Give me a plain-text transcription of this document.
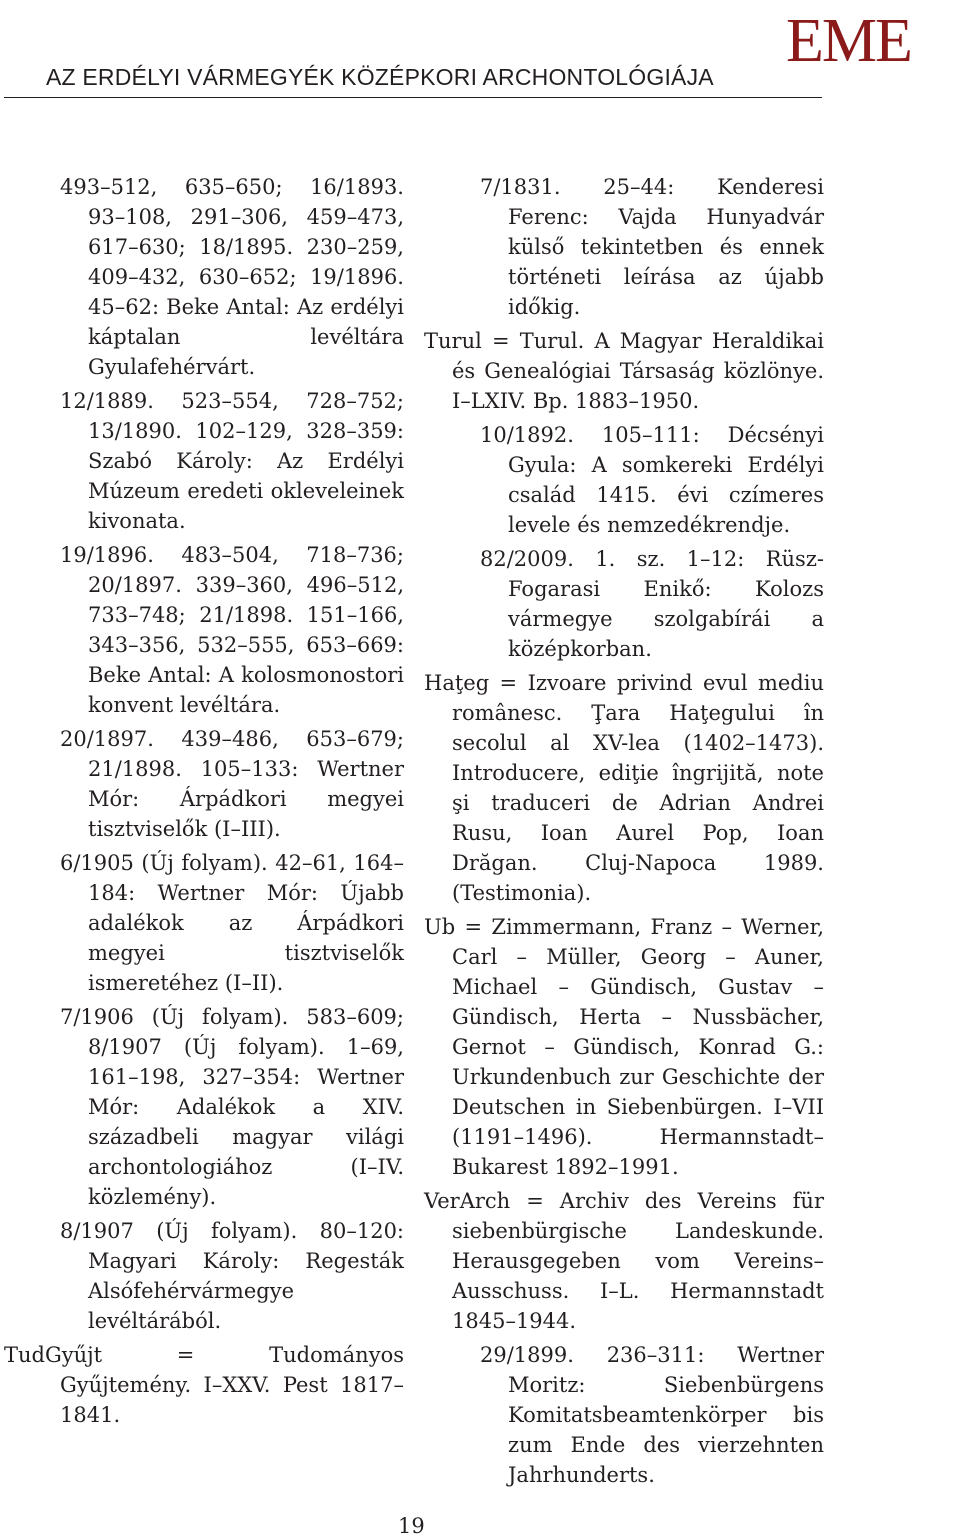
AZ ERDÉLYI VÁRMEGYÉK KÖZÉPKORI ARCHONTOLÓGIÁJA
EME

493–512, 635–650; 16/1893. 93–108, 291–306, 459–473, 617–630; 18/1895. 230–259, 409–432, 630–652; 19/1896. 45–62: Beke Antal: Az erdélyi káptalan levéltára Gyulafehérvárt.

12/1889. 523–554, 728–752; 13/1890. 102–129, 328–359: Szabó Károly: Az Erdélyi Múzeum eredeti okleveleinek kivonata.

19/1896. 483–504, 718–736; 20/1897. 339–360, 496–512, 733–748; 21/1898. 151–166, 343–356, 532–555, 653–669: Beke Antal: A kolosmonostori konvent levéltára.

20/1897. 439–486, 653–679; 21/1898. 105–133: Wertner Mór: Árpádkori megyei tisztviselők (I–III).

6/1905 (Új folyam). 42–61, 164–184: Wertner Mór: Újabb adalékok az Árpádkori megyei tisztviselők ismeretéhez (I–II).

7/1906 (Új folyam). 583–609; 8/1907 (Új folyam). 1–69, 161–198, 327–354: Wertner Mór: Adalékok a XIV. századbeli magyar világi archontologiához (I–IV. közlemény).

8/1907 (Új folyam). 80–120: Magyari Károly: Regesták Alsófehérvármegye levéltárából.

TudGyűjt = Tudományos Gyűjtemény. I–XXV. Pest 1817–1841.

7/1831. 25–44: Kenderesi Ferenc: Vajda Hunyadvár külső tekintetben és ennek történeti leírása az újabb időkig.

Turul = Turul. A Magyar Heraldikai és Genealógiai Társaság közlönye. I–LXIV. Bp. 1883–1950.

10/1892. 105–111: Décsényi Gyula: A somkereki Erdélyi család 1415. évi czímeres levele és nemzedékrendje.

82/2009. 1. sz. 1–12: Rüsz-Fogarasi Enikő: Kolozs vármegye szolgabírái a középkorban.

Haţeg = Izvoare privind evul mediu românesc. Ţara Haţegului în secolul al XV-lea (1402–1473). Introducere, ediţie îngrijită, note şi traduceri de Adrian Andrei Rusu, Ioan Aurel Pop, Ioan Drăgan. Cluj-Napoca 1989. (Testimonia).

Ub = Zimmermann, Franz – Werner, Carl – Müller, Georg – Auner, Michael – Gündisch, Gustav – Gündisch, Herta – Nussbächer, Gernot – Gündisch, Konrad G.: Urkundenbuch zur Geschichte der Deutschen in Siebenbürgen. I–VII (1191–1496). Hermannstadt–Bukarest 1892–1991.

VerArch = Archiv des Vereins für siebenbürgische Landeskunde. Herausgegeben vom Vereins–Ausschuss. I–L. Hermannstadt 1845–1944.

29/1899. 236–311: Wertner Moritz: Siebenbürgens Komitatsbeamtenkörper bis zum Ende des vierzehnten Jahrhunderts.

19
